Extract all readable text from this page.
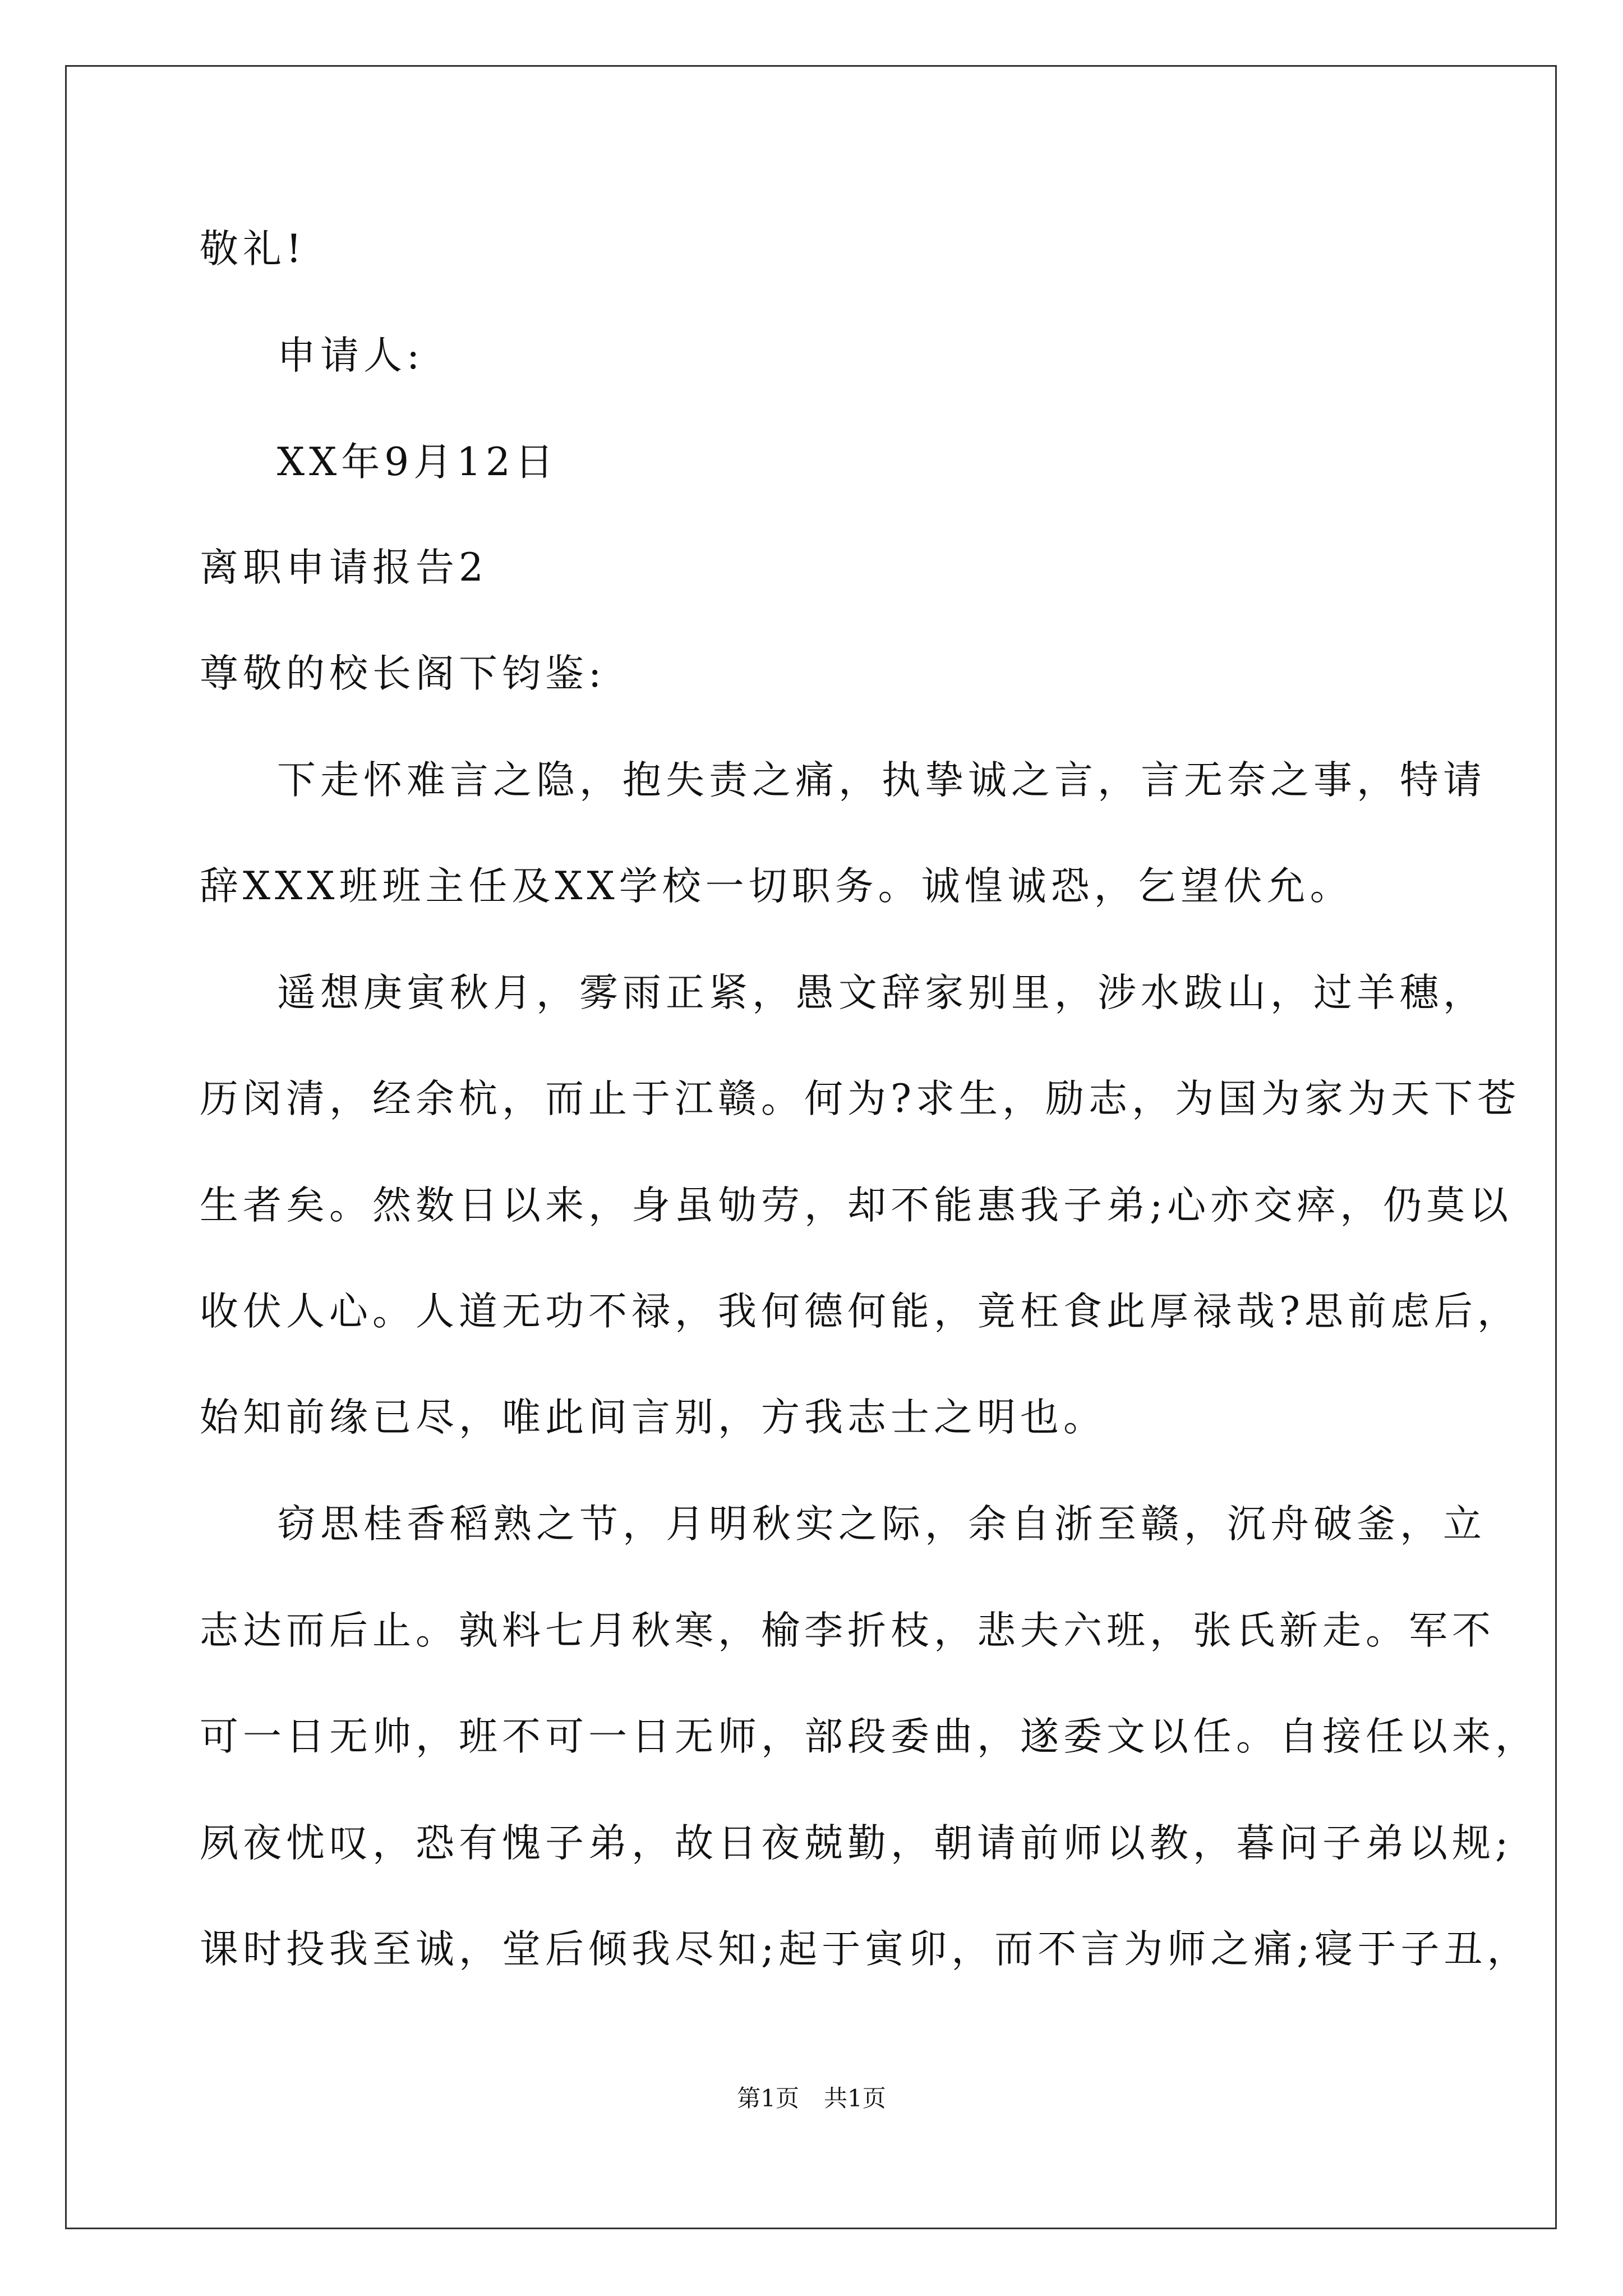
敬礼!
申请人:
XX年9月12日
离职申请报告2
尊敬的校长阁下钧鉴:
下走怀难言之隐，抱失责之痛，执挚诚之言，言无奈之事，特请
辞XXX班班主任及XX学校一切职务。诚惶诚恐，乞望伏允。
遥想庚寅秋月，雾雨正紧，愚文辞家别里，涉水跋山，过羊穗，
历闵清，经余杭，而止于江赣。何为?求生，励志，为国为家为天下苍
生者矣。然数日以来，身虽劬劳，却不能惠我子弟;心亦交瘁，仍莫以
收伏人心。人道无功不禄，我何德何能，竟枉食此厚禄哉?思前虑后，
始知前缘已尽，唯此间言别，方我志士之明也。
窃思桂香稻熟之节，月明秋实之际，余自浙至赣，沉舟破釜，立
志达而后止。孰料七月秋寒，榆李折枝，悲夫六班，张氏新走。军不
可一日无帅，班不可一日无师，部段委曲，遂委文以任。自接任以来，
夙夜忧叹，恐有愧子弟，故日夜兢勤，朝请前师以教，暮问子弟以规;
课时投我至诚，堂后倾我尽知;起于寅卯，而不言为师之痛;寝于子丑，
第1页 共1页
